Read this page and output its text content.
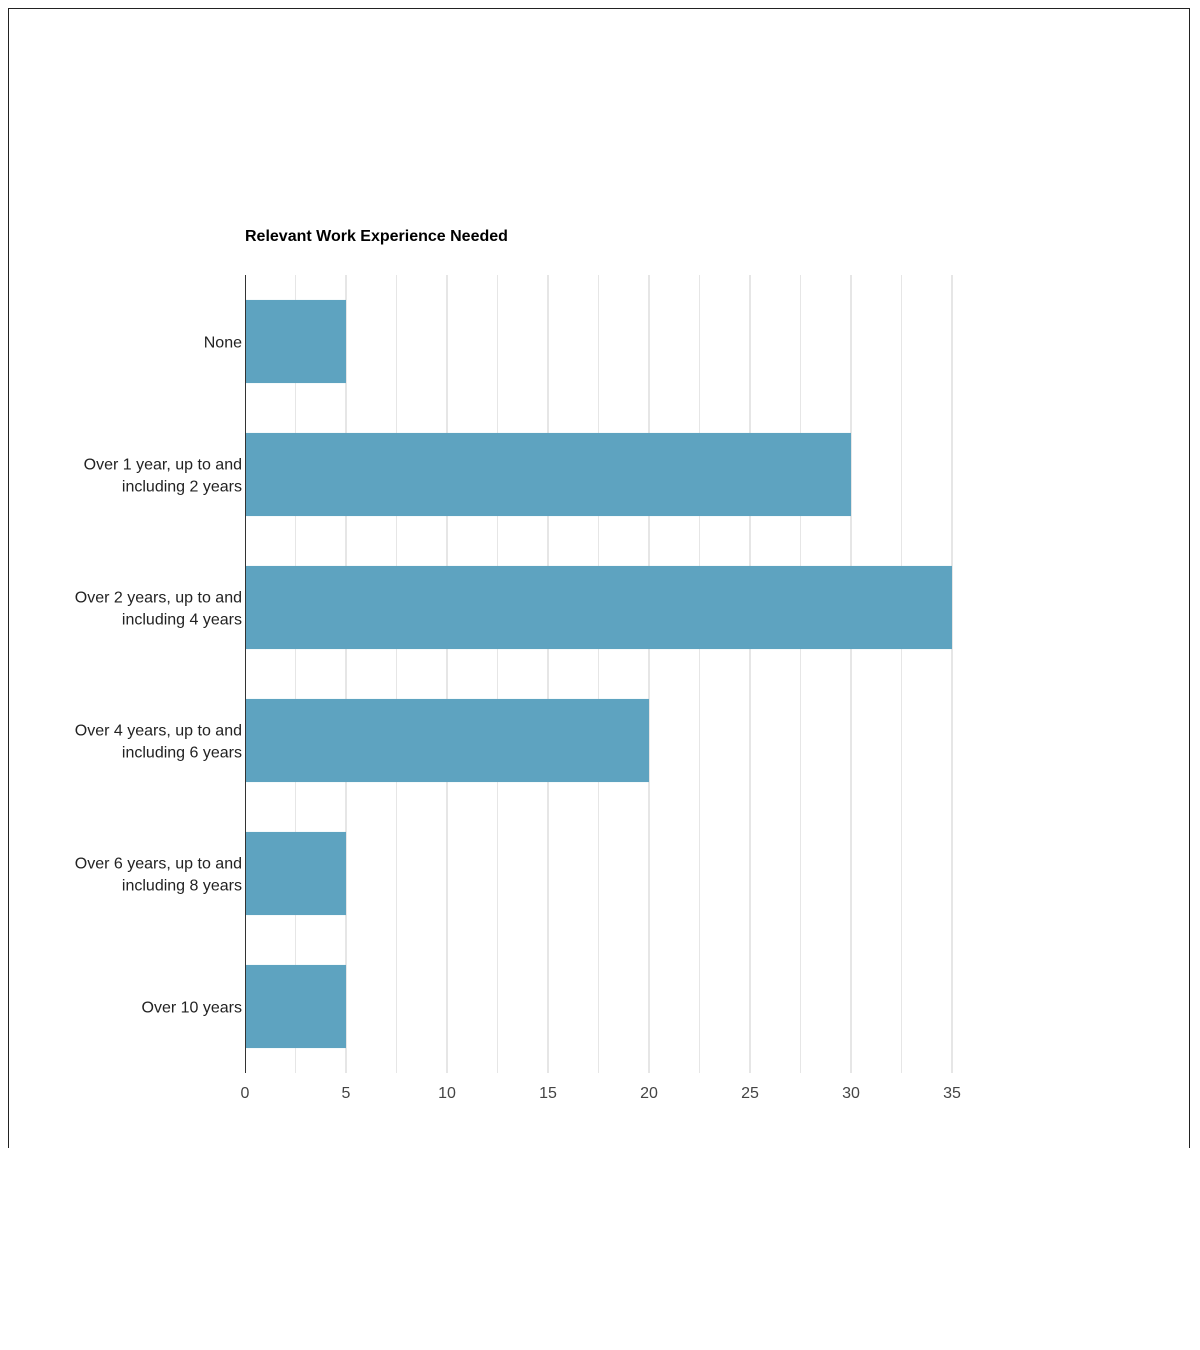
Relevant Work Experience Needed
0	5	10	15	20	25	30	35
None
Over 1 year, up to and including 2 years
Over 2 years, up to and including 4 years
Over 4 years, up to and including 6 years
Over 6 years, up to and including 8 years
Over 10 years
